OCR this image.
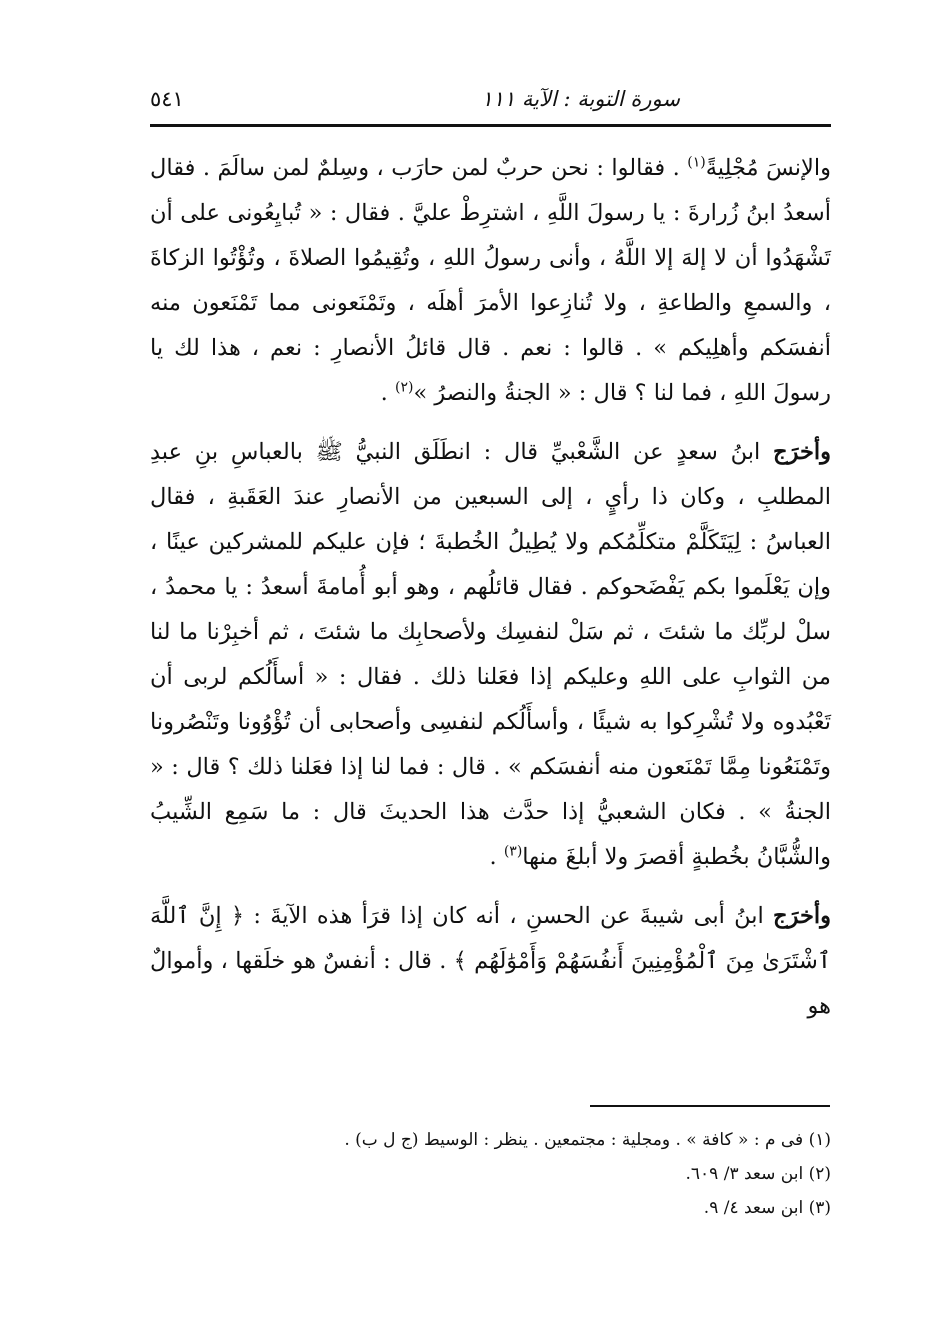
سورة التوبة : الآية ١١١
٥٤١

والإنسَ مُجْلِيةً$^{(١)}$ . فقالوا : نحن حربٌ لمن حارَب ، وسِلمٌ لمن سالَمَ . فقال أسعدُ ابنُ زُرارةَ : يا رسولَ اللَّهِ ، اشترِطْ عليَّ . فقال : « تُبايِعُونى على أن تَشْهَدُوا أن لا إلهَ إلا اللَّهُ ، وأنى رسولُ اللهِ ، وتُقِيمُوا الصلاةَ ، وتُؤْتُوا الزكاةَ ، والسمعِ والطاعةِ ، ولا تُنازِعوا الأمرَ أهلَه ، وتَمْنَعونى مما تَمْنَعون منه أنفسَكم وأهلِيكم » . قالوا : نعم . قال قائلُ الأنصارِ : نعم ، هذا لك يا رسولَ اللهِ ، فما لنا ؟ قال : « الجنةُ والنصرُ »$^{(٢)}$ .

وأخرَج ابنُ سعدٍ عن الشَّعْبيِّ قال : انطَلَق النبيُّ ﷺ بالعباسِ بنِ عبدِ المطلبِ ، وكان ذا رأيٍ ، إلى السبعين من الأنصارِ عندَ العَقَبةِ ، فقال العباسُ : لِيَتَكَلَّمْ متكلِّمُكم ولا يُطِيلُ الخُطبةَ ؛ فإن عليكم للمشركين عينًا ، وإن يَعْلَموا بكم يَفْضَحوكم . فقال قائلُهم ، وهو أبو أُمامةَ أسعدُ : يا محمدُ ، سلْ لربِّك ما شئتَ ، ثم سَلْ لنفسِك ولأصحابِك ما شئتَ ، ثم أخبِرْنا ما لنا من الثوابِ على اللهِ وعليكم إذا فعَلنا ذلك . فقال : « أسأَلُكم لربى أن تَعْبُدوه ولا تُشْرِكوا به شيئًا ، وأسأَلُكم لنفسِى وأصحابى أن تُؤْوُونا وتَنْصُرونا وتَمْنَعُونا مِمَّا تَمْنَعون منه أنفسَكم » . قال : فما لنا إذا فعَلنا ذلك ؟ قال : « الجنةُ » . فكان الشعبيُّ إذا حدَّث هذا الحديثَ قال : ما سَمِع الشِّيبُ والشُّبَّانُ بخُطبةٍ أقصرَ ولا أبلغَ منها$^{(٣)}$ .

وأخرَج ابنُ أبى شيبةَ عن الحسنِ ، أنه كان إذا قرَأ هذه الآيةَ : ﴿ إِنَّ ٱللَّهَ ٱشْتَرَىٰ مِنَ ٱلْمُؤْمِنِينَ أَنفُسَهُمْ وَأَمْوَٰلَهُم ﴾ . قال : أنفسٌ هو خلَقها ، وأموالٌ هو

(١) فى م : « كافة » . ومجلية : مجتمعين . ينظر : الوسيط (ج ل ب) .

(٢) ابن سعد ٣/ ٦٠٩.

(٣) ابن سعد ٤/ ٩.
